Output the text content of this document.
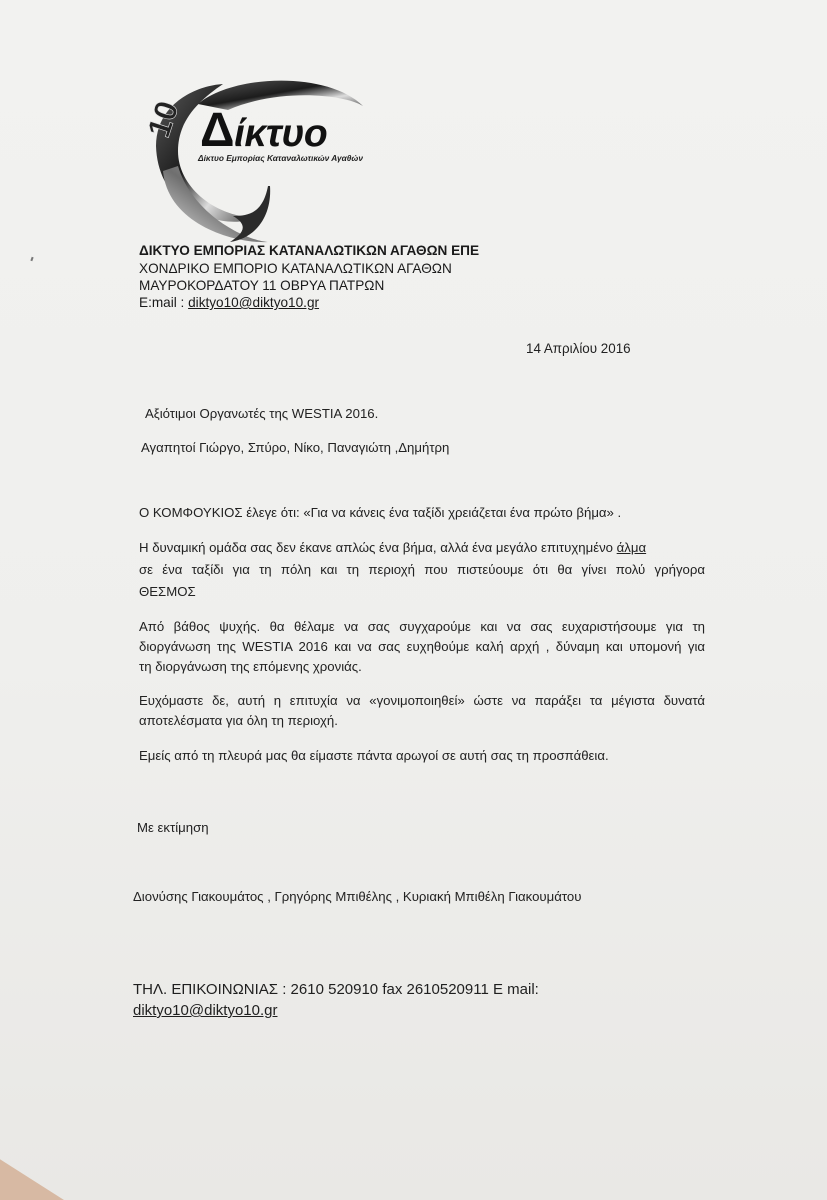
10 Δίκτυο
Δίκτυο Εμπορίας Καταναλωτικών Αγαθών
ΔΙΚΤΥΟ ΕΜΠΟΡΙΑΣ ΚΑΤΑΝΑΛΩΤΙΚΩΝ ΑΓΑΘΩΝ ΕΠΕ
ΧΟΝΔΡΙΚΟ ΕΜΠΟΡΙΟ ΚΑΤΑΝΑΛΩΤΙΚΩΝ ΑΓΑΘΩΝ
ΜΑΥΡΟΚΟΡΔΑΤΟΥ 11 ΟΒΡΥΑ ΠΑΤΡΩΝ
E:mail : diktyo10@diktyo10.gr
14 Απριλίου 2016
Αξιότιμοι Οργανωτές της WESTIA 2016.
Αγαπητοί Γιώργο, Σπύρο, Νίκο, Παναγιώτη ,Δημήτρη
Ο ΚΟΜΦΟΥΚΙΟΣ έλεγε ότι: «Για να κάνεις ένα ταξίδι χρειάζεται ένα πρώτο βήμα» .
Η δυναμική ομάδα σας δεν έκανε απλώς ένα βήμα, αλλά ένα μεγάλο επιτυχημένο άλμα
σε ένα ταξίδι για τη πόλη και τη περιοχή που πιστεύουμε ότι θα γίνει πολύ γρήγορα
ΘΕΣΜΟΣ
Από βάθος ψυχής. θα θέλαμε να σας συγχαρούμε και να σας ευχαριστήσουμε για τη
διοργάνωση της WESTIA 2016 και να σας ευχηθούμε καλή αρχή , δύναμη και υπομονή για
τη διοργάνωση της επόμενης χρονιάς.
Ευχόμαστε δε, αυτή η επιτυχία να «γονιμοποιηθεί» ώστε να παράξει τα μέγιστα δυνατά
αποτελέσματα για όλη τη περιοχή.
Εμείς από τη πλευρά μας θα είμαστε πάντα αρωγοί σε αυτή σας τη προσπάθεια.
Με εκτίμηση
Διονύσης Γιακουμάτος , Γρηγόρης Μπιθέλης , Κυριακή Μπιθέλη Γιακουμάτου
ΤΗΛ. ΕΠΙΚΟΙΝΩΝΙΑΣ : 2610 520910 fax 2610520911 E mail:
diktyo10@diktyo10.gr
